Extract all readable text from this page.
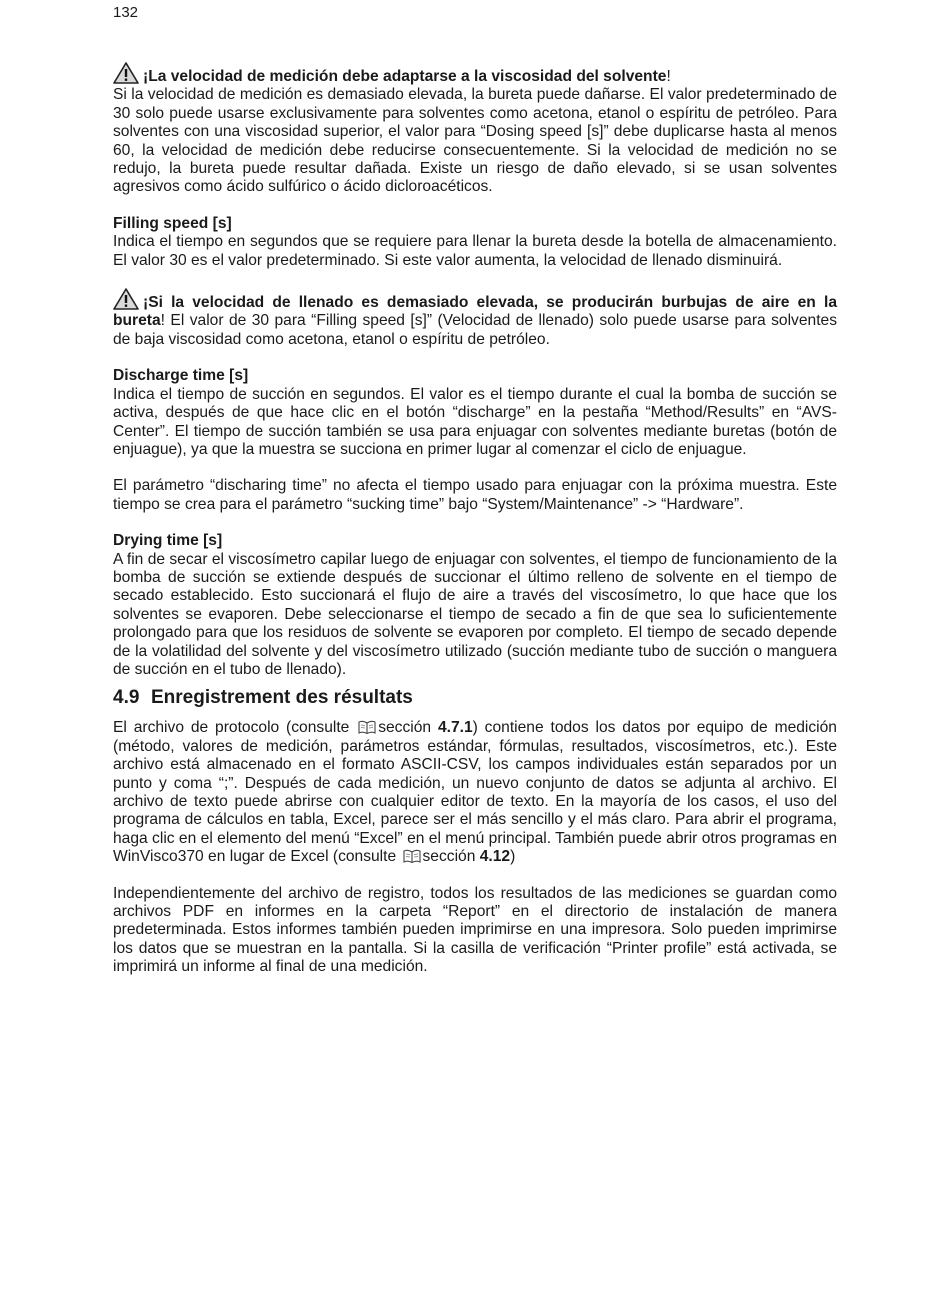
132

¡La velocidad de medición debe adaptarse a la viscosidad del solvente!
Si la velocidad de medición es demasiado elevada, la bureta puede dañarse. El valor predeterminado de 30 solo puede usarse exclusivamente para solventes como acetona, etanol o espíritu de petróleo. Para solventes con una viscosidad superior, el valor para “Dosing speed [s]” debe duplicarse hasta al menos 60, la velocidad de medición debe reducirse consecuentemente. Si la velocidad de medición no se redujo, la bureta puede resultar dañada. Existe un riesgo de daño elevado, si se usan solventes agresivos como ácido sulfúrico o ácido dicloroacéticos.

Filling speed [s]
Indica el tiempo en segundos que se requiere para llenar la bureta desde la botella de almacenamiento. El valor 30 es el valor predeterminado. Si este valor aumenta, la velocidad de llenado disminuirá.

¡Si la velocidad de llenado es demasiado elevada, se producirán burbujas de aire en la bureta! El valor de 30 para “Filling speed [s]” (Velocidad de llenado) solo puede usarse para solventes de baja viscosidad como acetona, etanol o espíritu de petróleo.

Discharge time [s]
Indica el tiempo de succión en segundos. El valor es el tiempo durante el cual la bomba de succión se activa, después de que hace clic en el botón “discharge” en la pestaña “Method/Results” en “AVS-Center”. El tiempo de succión también se usa para enjuagar con solventes mediante buretas (botón de enjuague), ya que la muestra se succiona en primer lugar al comenzar el ciclo de enjuague.

El parámetro “discharing time” no afecta el tiempo usado para enjuagar con la próxima muestra. Este tiempo se crea para el parámetro “sucking time” bajo “System/Maintenance” -> “Hardware”.

Drying time [s]
A fin de secar el viscosímetro capilar luego de enjuagar con solventes, el tiempo de funcionamiento de la bomba de succión se extiende después de succionar el último relleno de solvente en el tiempo de secado establecido. Esto succionará el flujo de aire a través del viscosímetro, lo que hace que los solventes se evaporen. Debe seleccionarse el tiempo de secado a fin de que sea lo suficientemente prolongado para que los residuos de solvente se evaporen por completo. El tiempo de secado depende de la volatilidad del solvente y del viscosímetro utilizado (succión mediante tubo de succión o manguera de succión en el tubo de llenado).

4.9 Enregistrement des résultats

El archivo de protocolo (consulte
sección 4.7.1) contiene todos los datos por equipo de medición (método, valores de medición, parámetros estándar, fórmulas, resultados, viscosímetros, etc.). Este archivo está almacenado en el formato ASCII-CSV, los campos individuales están separados por un punto y coma “;”. Después de cada medición, un nuevo conjunto de datos se adjunta al archivo. El archivo de texto puede abrirse con cualquier editor de texto. En la mayoría de los casos, el uso del programa de cálculos en tabla, Excel, parece ser el más sencillo y el más claro. Para abrir el programa, haga clic en el elemento del menú “Excel” en el menú principal. También puede abrir otros programas en WinVisco370 en lugar de Excel (consulte
sección 4.12)

Independientemente del archivo de registro, todos los resultados de las mediciones se guardan como archivos PDF en informes en la carpeta “Report” en el directorio de instalación de manera predeterminada. Estos informes también pueden imprimirse en una impresora. Solo pueden imprimirse los datos que se muestran en la pantalla. Si la casilla de verificación “Printer profile” está activada, se imprimirá un informe al final de una medición.
